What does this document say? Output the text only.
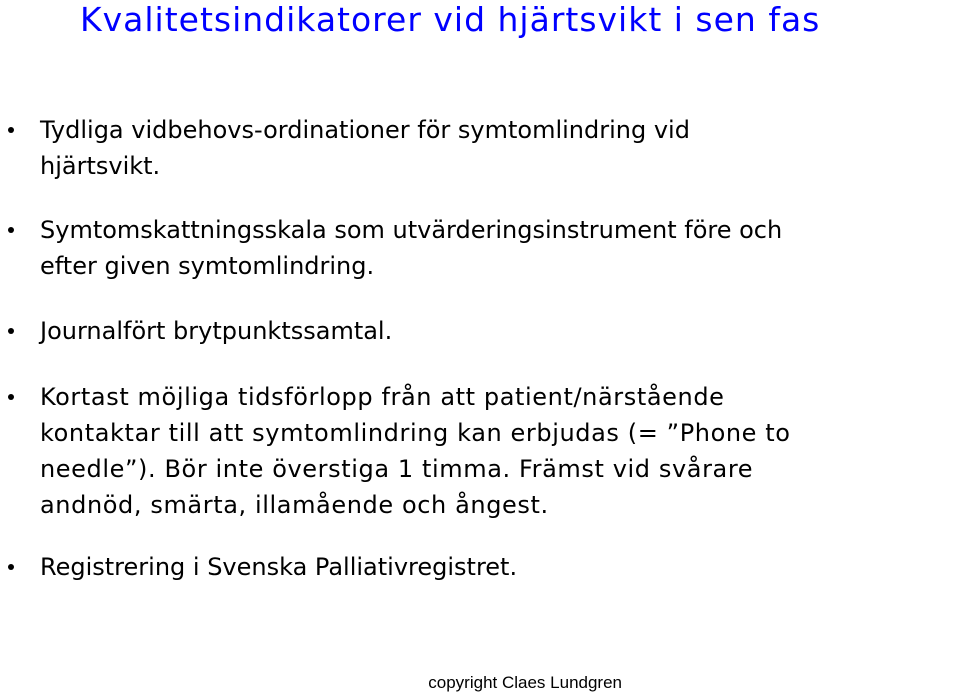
Kvalitetsindikatorer vid hjärtsvikt i sen fas

Tydliga vidbehovs-ordinationer för symtomlindring vid
hjärtsvikt.

Symtomskattningsskala som utvärderingsinstrument före och
efter given symtomlindring.

Journalfört brytpunktssamtal.

Kortast möjliga tidsförlopp från att patient/närstående
kontaktar till att symtomlindring kan erbjudas (= ”Phone to
needle”). Bör inte överstiga 1 timma. Främst vid svårare
andnöd, smärta, illamående och ångest.

Registrering i Svenska Palliativregistret.

copyright Claes Lundgren
